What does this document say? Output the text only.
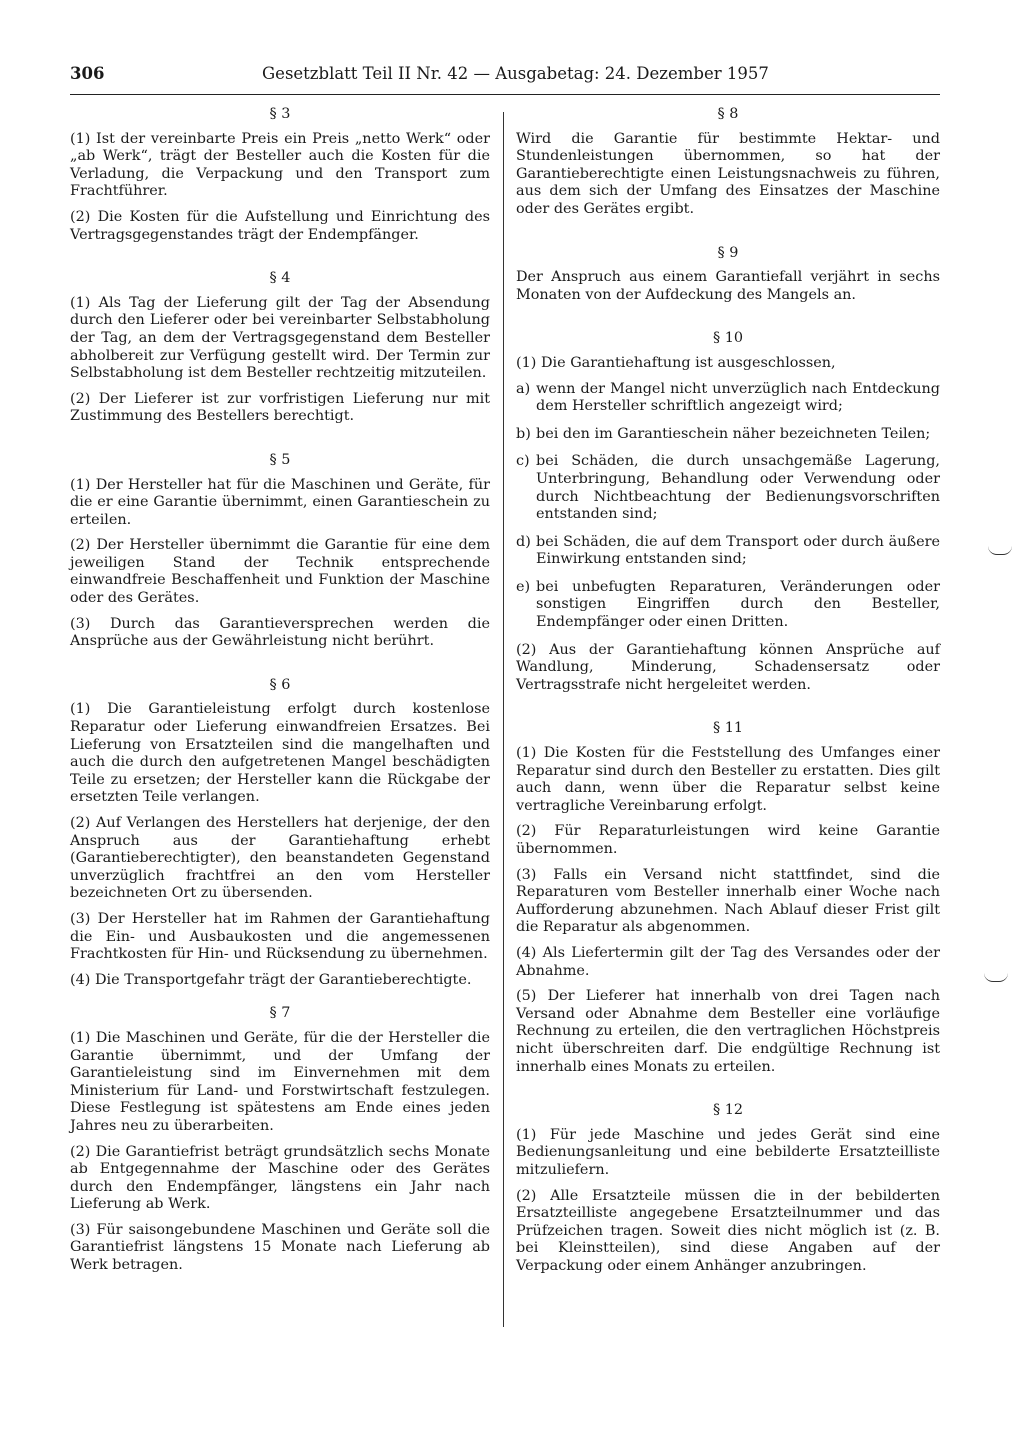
306	Gesetzblatt Teil II Nr. 42 — Ausgabetag: 24. Dezember 1957
§ 3

(1) Ist der vereinbarte Preis ein Preis „netto Werk“ oder „ab Werk“, trägt der Besteller auch die Kosten für die Verladung, die Verpackung und den Transport zum Frachtführer.

(2) Die Kosten für die Aufstellung und Einrichtung des Vertragsgegenstandes trägt der Endempfänger.

§ 4

(1) Als Tag der Lieferung gilt der Tag der Absendung durch den Lieferer oder bei vereinbarter Selbstabholung der Tag, an dem der Vertragsgegenstand dem Besteller abholbereit zur Verfügung gestellt wird. Der Termin zur Selbstabholung ist dem Besteller rechtzeitig mitzuteilen.

(2) Der Lieferer ist zur vorfristigen Lieferung nur mit Zustimmung des Bestellers berechtigt.

§ 5

(1) Der Hersteller hat für die Maschinen und Geräte, für die er eine Garantie übernimmt, einen Garantieschein zu erteilen.

(2) Der Hersteller übernimmt die Garantie für eine dem jeweiligen Stand der Technik entsprechende einwandfreie Beschaffenheit und Funktion der Maschine oder des Gerätes.

(3) Durch das Garantieversprechen werden die Ansprüche aus der Gewährleistung nicht berührt.

§ 6

(1) Die Garantieleistung erfolgt durch kostenlose Reparatur oder Lieferung einwandfreien Ersatzes. Bei Lieferung von Ersatzteilen sind die mangelhaften und auch die durch den aufgetretenen Mangel beschädigten Teile zu ersetzen; der Hersteller kann die Rückgabe der ersetzten Teile verlangen.

(2) Auf Verlangen des Herstellers hat derjenige, der den Anspruch aus der Garantiehaftung erhebt (Garantieberechtigter), den beanstandeten Gegenstand unverzüglich frachtfrei an den vom Hersteller bezeichneten Ort zu übersenden.

(3) Der Hersteller hat im Rahmen der Garantiehaftung die Ein- und Ausbaukosten und die angemessenen Frachtkosten für Hin- und Rücksendung zu übernehmen.

(4) Die Transportgefahr trägt der Garantieberechtigte.

§ 7

(1) Die Maschinen und Geräte, für die der Hersteller die Garantie übernimmt, und der Umfang der Garantieleistung sind im Einvernehmen mit dem Ministerium für Land- und Forstwirtschaft festzulegen. Diese Festlegung ist spätestens am Ende eines jeden Jahres neu zu überarbeiten.

(2) Die Garantiefrist beträgt grundsätzlich sechs Monate ab Entgegennahme der Maschine oder des Gerätes durch den Endempfänger, längstens ein Jahr nach Lieferung ab Werk.

(3) Für saisongebundene Maschinen und Geräte soll die Garantiefrist längstens 15 Monate nach Lieferung ab Werk betragen.

§ 8

Wird die Garantie für bestimmte Hektar- und Stundenleistungen übernommen, so hat der Garantieberechtigte einen Leistungsnachweis zu führen, aus dem sich der Umfang des Einsatzes der Maschine oder des Gerätes ergibt.

§ 9

Der Anspruch aus einem Garantiefall verjährt in sechs Monaten von der Aufdeckung des Mangels an.

§ 10

(1) Die Garantiehaftung ist ausgeschlossen,

a) wenn der Mangel nicht unverzüglich nach Entdeckung dem Hersteller schriftlich angezeigt wird;
b) bei den im Garantieschein näher bezeichneten Teilen;
c) bei Schäden, die durch unsachgemäße Lagerung, Unterbringung, Behandlung oder Verwendung oder durch Nichtbeachtung der Bedienungsvorschriften entstanden sind;
d) bei Schäden, die auf dem Transport oder durch äußere Einwirkung entstanden sind;
e) bei unbefugten Reparaturen, Veränderungen oder sonstigen Eingriffen durch den Besteller, Endempfänger oder einen Dritten.

(2) Aus der Garantiehaftung können Ansprüche auf Wandlung, Minderung, Schadensersatz oder Vertragsstrafe nicht hergeleitet werden.

§ 11

(1) Die Kosten für die Feststellung des Umfanges einer Reparatur sind durch den Besteller zu erstatten. Dies gilt auch dann, wenn über die Reparatur selbst keine vertragliche Vereinbarung erfolgt.

(2) Für Reparaturleistungen wird keine Garantie übernommen.

(3) Falls ein Versand nicht stattfindet, sind die Reparaturen vom Besteller innerhalb einer Woche nach Aufforderung abzunehmen. Nach Ablauf dieser Frist gilt die Reparatur als abgenommen.

(4) Als Liefertermin gilt der Tag des Versandes oder der Abnahme.

(5) Der Lieferer hat innerhalb von drei Tagen nach Versand oder Abnahme dem Besteller eine vorläufige Rechnung zu erteilen, die den vertraglichen Höchstpreis nicht überschreiten darf. Die endgültige Rechnung ist innerhalb eines Monats zu erteilen.

§ 12

(1) Für jede Maschine und jedes Gerät sind eine Bedienungsanleitung und eine bebilderte Ersatzteilliste mitzuliefern.

(2) Alle Ersatzteile müssen die in der bebilderten Ersatzteilliste angegebene Ersatzteilnummer und das Prüfzeichen tragen. Soweit dies nicht möglich ist (z. B. bei Kleinstteilen), sind diese Angaben auf der Verpackung oder einem Anhänger anzubringen.
